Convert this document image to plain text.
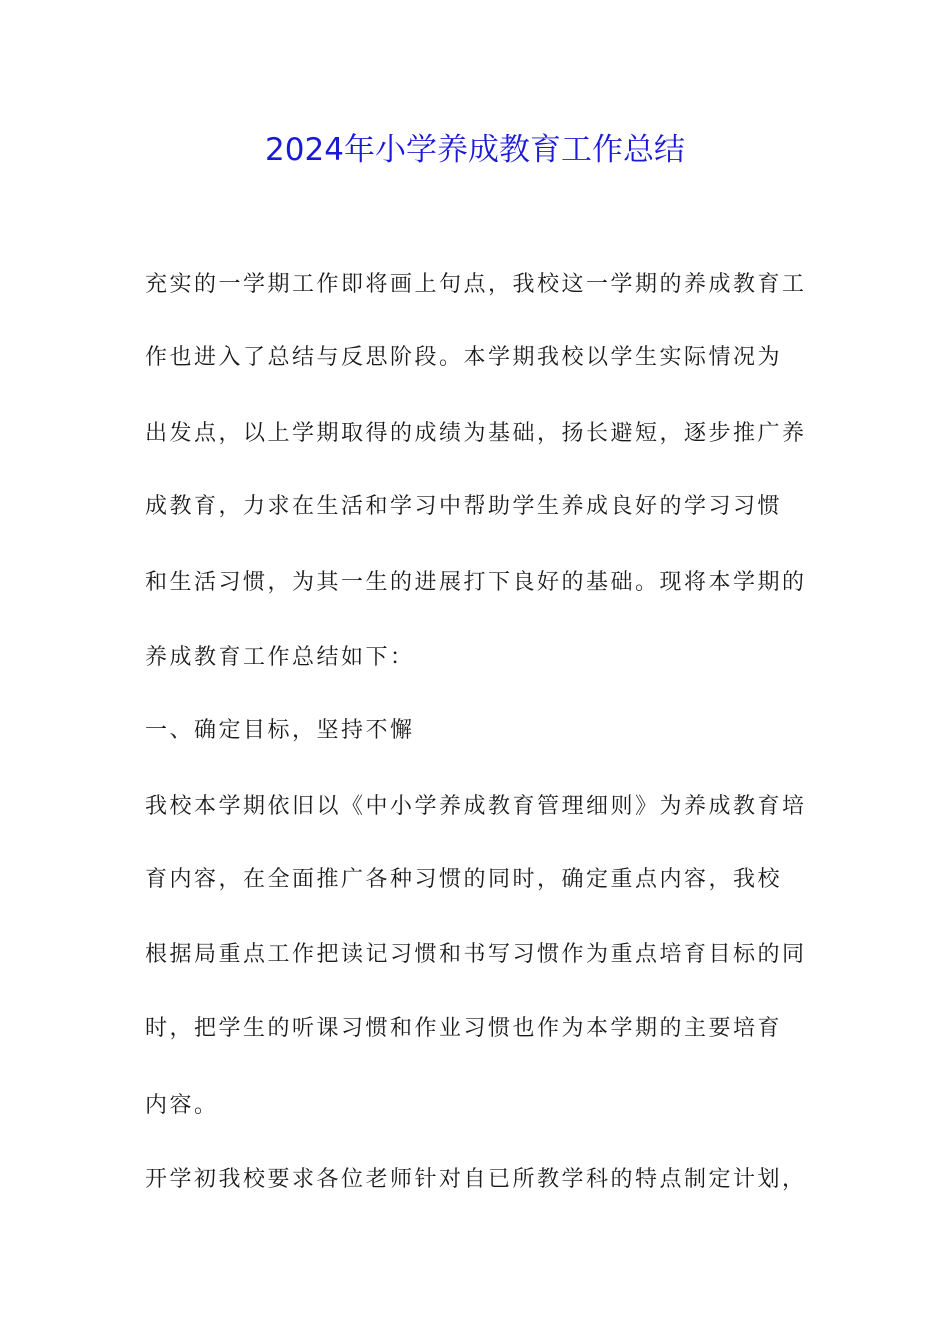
2024年小学养成教育工作总结
充实的一学期工作即将画上句点，我校这一学期的养成教育工
作也进入了总结与反思阶段。本学期我校以学生实际情况为
出发点，以上学期取得的成绩为基础，扬长避短，逐步推广养
成教育，力求在生活和学习中帮助学生养成良好的学习习惯
和生活习惯，为其一生的进展打下良好的基础。现将本学期的
养成教育工作总结如下：
一、确定目标，坚持不懈
我校本学期依旧以《中小学养成教育管理细则》为养成教育培
育内容，在全面推广各种习惯的同时，确定重点内容，我校
根据局重点工作把读记习惯和书写习惯作为重点培育目标的同
时，把学生的听课习惯和作业习惯也作为本学期的主要培育
内容。
开学初我校要求各位老师针对自已所教学科的特点制定计划，
